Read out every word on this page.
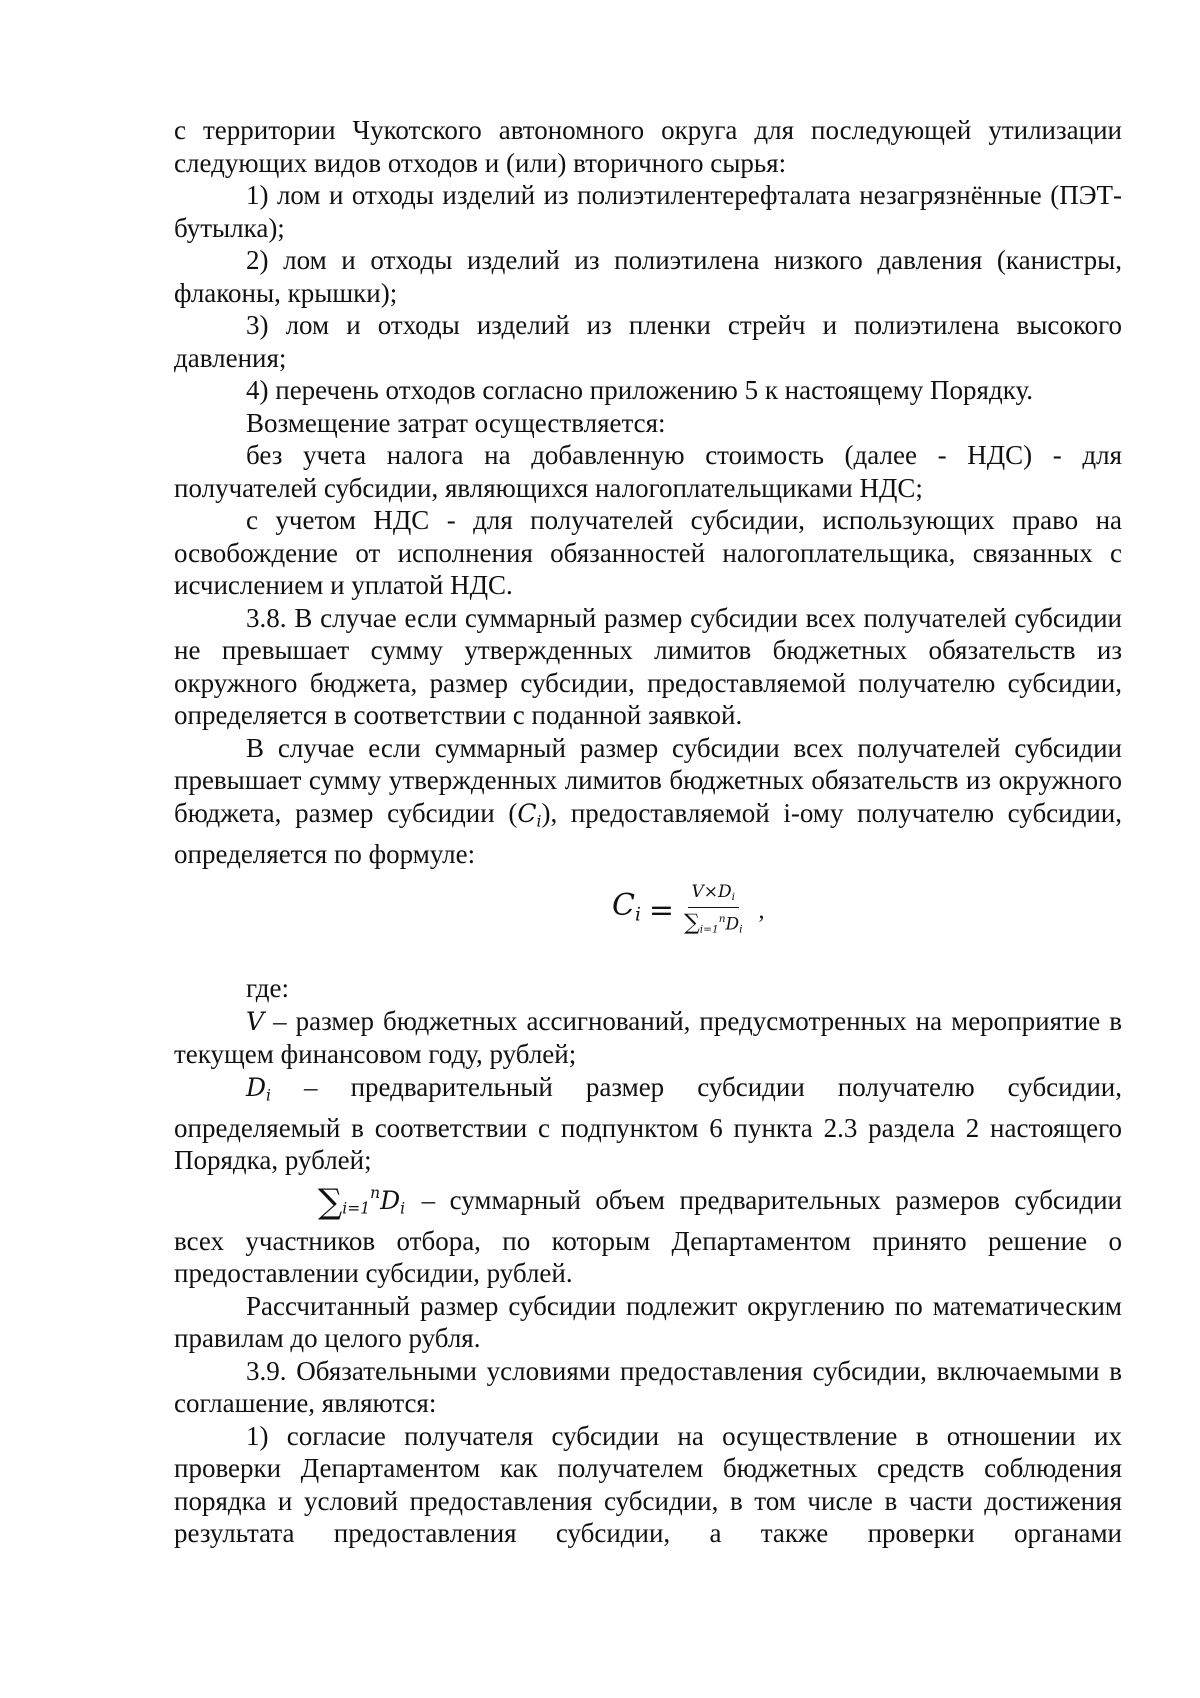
с территории Чукотского автономного округа для последующей утилизации следующих видов отходов и (или) вторичного сырья:

1) лом и отходы изделий из полиэтилентерефталата незагрязнённые (ПЭТ-бутылка);

2) лом и отходы изделий из полиэтилена низкого давления (канистры, флаконы, крышки);

3) лом и отходы изделий из пленки стрейч и полиэтилена высокого давления;

4) перечень отходов согласно приложению 5 к настоящему Порядку.

Возмещение затрат осуществляется:

без учета налога на добавленную стоимость (далее - НДС) - для получателей субсидии, являющихся налогоплательщиками НДС;

с учетом НДС - для получателей субсидии, использующих право на освобождение от исполнения обязанностей налогоплательщика, связанных с исчислением и уплатой НДС.

3.8. В случае если суммарный размер субсидии всех получателей субсидии не превышает сумму утвержденных лимитов бюджетных обязательств из окружного бюджета, размер субсидии, предоставляемой получателю субсидии, определяется в соответствии с поданной заявкой.

В случае если суммарный размер субсидии всех получателей субсидии превышает сумму утвержденных лимитов бюджетных обязательств из окружного бюджета, размер субсидии $(C_i)$, предоставляемой i-ому получателю субсидии, определяется по формуле:

$C_i = \frac{V\times D_i}{\sum_{i=1}^nD_i}$ ,

где:

V – размер бюджетных ассигнований, предусмотренных на мероприятие в текущем финансовом году, рублей;

$D_i$ – предварительный размер субсидии получателю субсидии, определяемый в соответствии с подпунктом 6 пункта 2.3 раздела 2 настоящего Порядка, рублей;

$\sum_{i=1}^nD_i$ – суммарный объем предварительных размеров субсидии всех участников отбора, по которым Департаментом принято решение о предоставлении субсидии, рублей.

Рассчитанный размер субсидии подлежит округлению по математическим правилам до целого рубля.

3.9. Обязательными условиями предоставления субсидии, включаемыми в соглашение, являются:

1) согласие получателя субсидии на осуществление в отношении их проверки Департаментом как получателем бюджетных средств соблюдения порядка и условий предоставления субсидии, в том числе в части достижения результата предоставления субсидии, а также проверки органами
